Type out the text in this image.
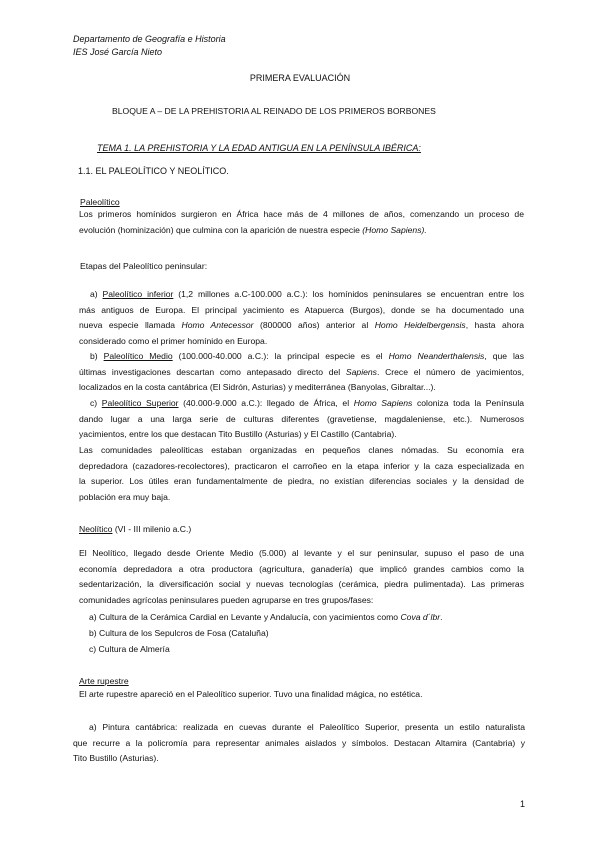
Departamento de Geografía e Historia
IES José García Nieto
PRIMERA EVALUACIÓN
BLOQUE A – DE LA PREHISTORIA AL REINADO DE LOS PRIMEROS BORBONES
TEMA 1. LA PREHISTORIA Y LA EDAD ANTIGUA EN LA PENÍNSULA IBÉRICA:
1.1. EL PALEOLÍTICO Y NEOLÍTICO.
Paleolítico
Los primeros homínidos surgieron en África hace más de 4 millones de años, comenzando un proceso de
evolución (hominización) que culmina con la aparición de nuestra especie (Homo Sapiens).
Etapas del Paleolítico peninsular:
a) Paleolítico inferior (1,2 millones a.C-100.000 a.C.): los homínidos peninsulares se encuentran entre los
más antiguos de Europa. El principal yacimiento es Atapuerca (Burgos), donde se ha documentado una
nueva especie llamada Homo Antecessor (800000 años) anterior al Homo Heidelbergensis, hasta ahora
considerado como el primer homínido en Europa.
b) Paleolítico Medio (100.000-40.000 a.C.): la principal especie es el Homo Neanderthalensis, que las
últimas investigaciones descartan como antepasado directo del Sapiens. Crece el número de yacimientos,
localizados en la costa cantábrica (El Sidrón, Asturias) y mediterránea (Banyolas, Gibraltar...).
c) Paleolítico Superior (40.000-9.000 a.C.): llegado de África, el Homo Sapiens coloniza toda la Península
dando lugar a una larga serie de culturas diferentes (gravetiense, magdaleniense, etc.). Numerosos
yacimientos, entre los que destacan Tito Bustillo (Asturias) y El Castillo (Cantabria).
Las comunidades paleolíticas estaban organizadas en pequeños clanes nómadas. Su economía era
depredadora (cazadores-recolectores), practicaron el carroñeo en la etapa inferior y la caza especializada en
la superior. Los útiles eran fundamentalmente de piedra, no existían diferencias sociales y la densidad de
población era muy baja.
Neolítico (VI - III milenio a.C.)
El Neolítico, llegado desde Oriente Medio (5.000) al levante y el sur peninsular, supuso el paso de una
economía depredadora a otra productora (agricultura, ganadería) que implicó grandes cambios como la
sedentarización, la diversificación social y nuevas tecnologías (cerámica, piedra pulimentada). Las primeras
comunidades agrícolas peninsulares pueden agruparse en tres grupos/fases:
a) Cultura de la Cerámica Cardial en Levante y Andalucía, con yacimientos como Cova d´lbr.
b) Cultura de los Sepulcros de Fosa (Cataluña)
c) Cultura de Almería
Arte rupestre
El arte rupestre apareció en el Paleolítico superior. Tuvo una finalidad mágica, no estética.
a) Pintura cantábrica: realizada en cuevas durante el Paleolítico Superior, presenta un estilo naturalista
que recurre a la policromía para representar animales aislados y símbolos. Destacan Altamira (Cantabria) y
Tito Bustillo (Asturias).
1
